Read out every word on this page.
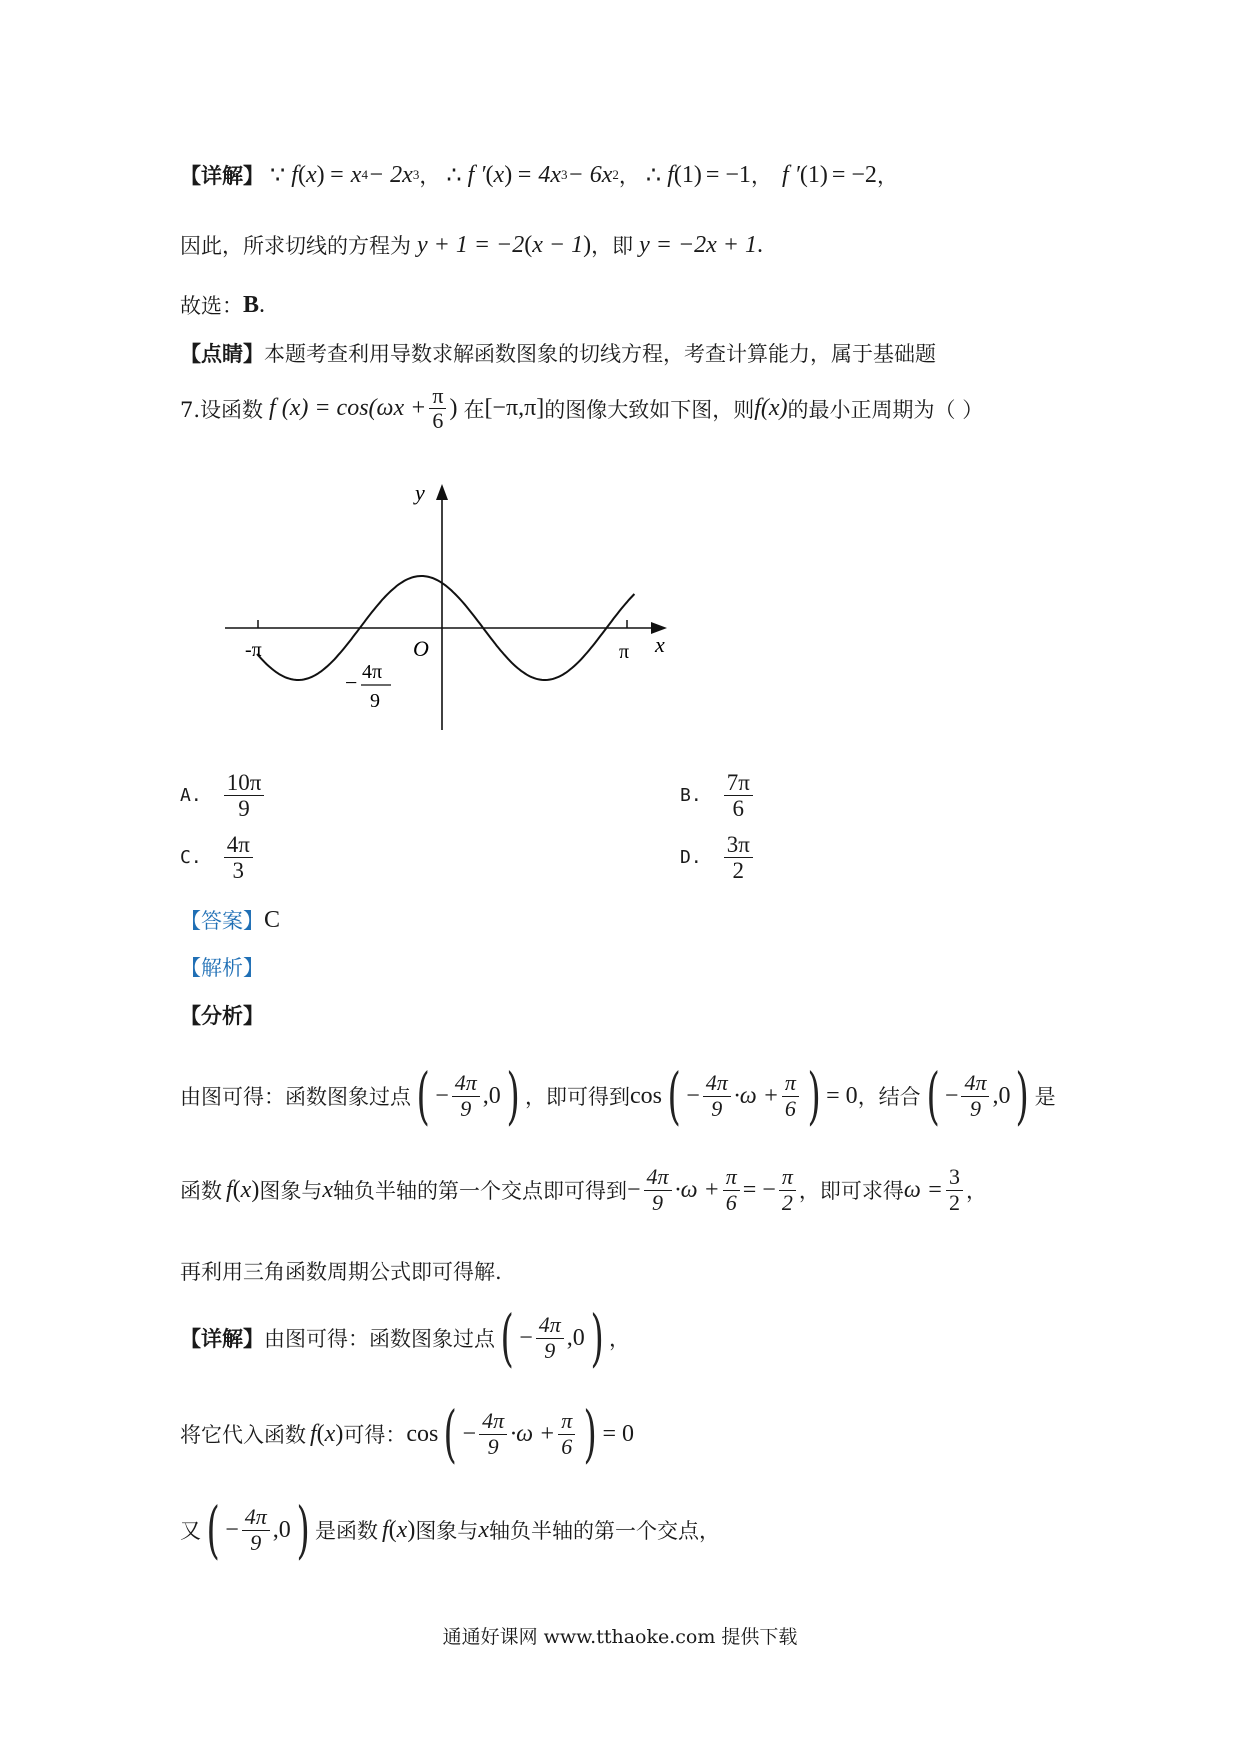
【详解】 ∵ f ( x ) = x 4 − 2x 3 ， ∴ f ′ ( x ) = 4x 3 − 6x 2 ， ∴ f ( 1 ) = −1 ， f ′ ( 1 ) = −2 ，
因此，所求切线的方程为 y + 1 = −2 ( x − 1 ) ，即 y = −2x + 1 .
故选： B .
【点睛】 本题考查利用导数求解函数图象的切线方程，考查计算能力，属于基础题
7.设函数 f $(x) = \cos(\omega x + \frac{\pi}{6}$ ) 在 [−π,π] 的图像大致如下图，则 f(x) 的最小正周期为（ ）
y
x
O
-π	π
− 4π
9
A. $\frac{10\pi}{9}$	B. $\frac{7\pi}{6}$
C. $\frac{4\pi}{3}$	D. $\frac{3\pi}{2}$
【答案】 C
【解析】
【分析】
由图可得：函数图象过点 ( − $\frac{4\pi}{9} ,0$ ) ，即可得到 cos ( − $\frac{4\pi}{9} \cdot\omega + \frac{\pi}{6}$ ) = 0 ，结合 ( − $\frac{4\pi}{9} ,0$ ) 是
函数 f ( x ) 图象与 x 轴负半轴的第一个交点即可得到 − $\frac{4\pi}{9} \cdot\omega + \frac{\pi}{6}$ = − $\frac{\pi}{2}$ ，即可求得 $\omega = \frac{3}{2}$ ，
再利用三角函数周期公式即可得解.
【详解】 由图可得：函数图象过点 ( − $\frac{4\pi}{9} ,0$ ) ，
将它代入函数 f ( x ) 可得： cos ( − $\frac{4\pi}{9} \cdot\omega + \frac{\pi}{6}$ ) = 0
又 ( − $\frac{4\pi}{9} ,0$ ) 是函数 f ( x ) 图象与 x 轴负半轴的第一个交点，
通通好课网 www.tthaoke.com 提供下载
